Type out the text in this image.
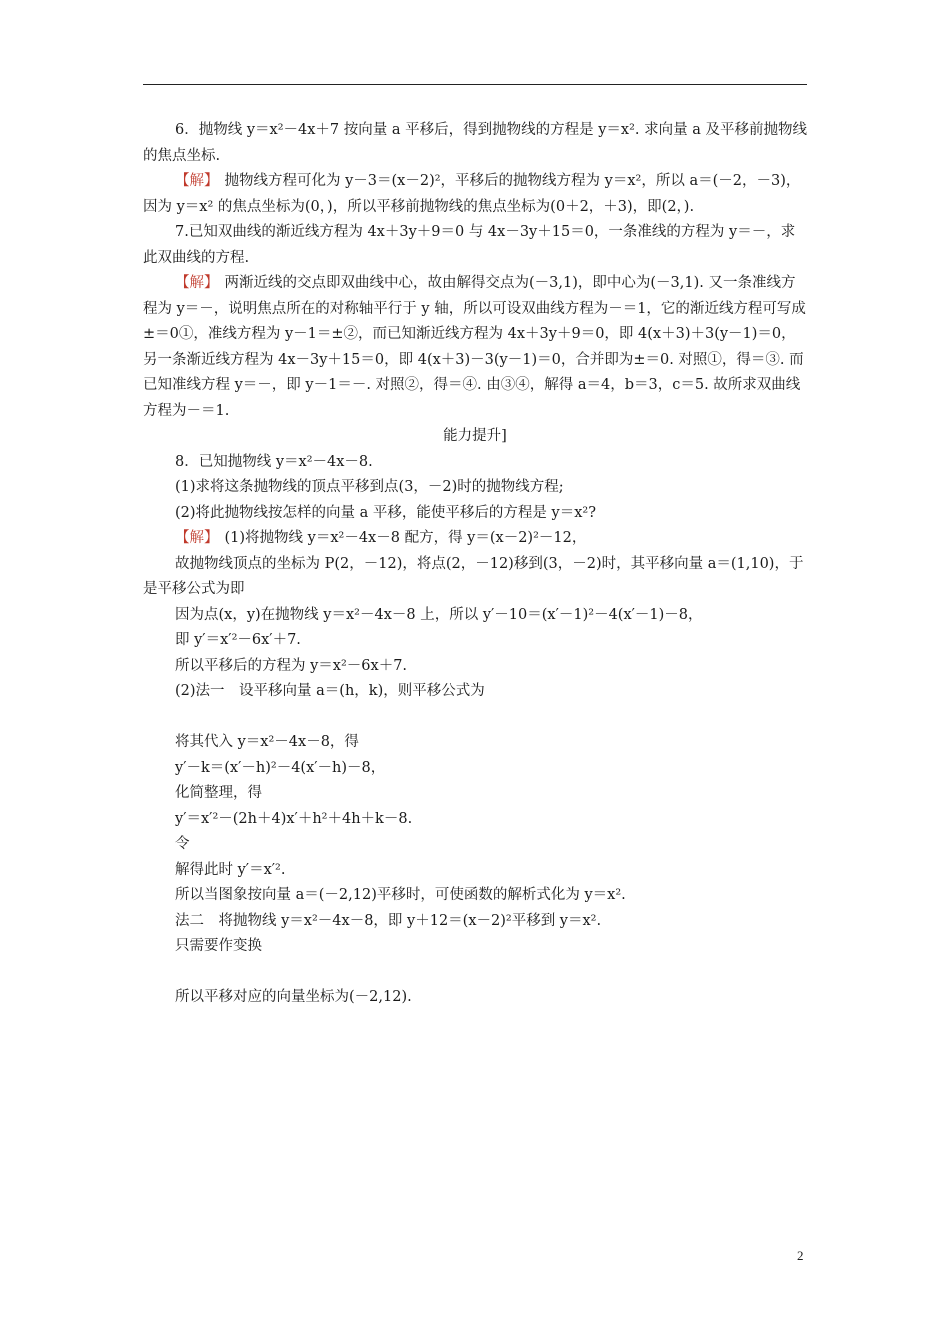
6．抛物线 y＝x²－4x＋7 按向量 a 平移后，得到抛物线的方程是 y＝x². 求向量 a 及平移前抛物线的焦点坐标.

【解】 抛物线方程可化为 y－3＝(x－2)²，平移后的抛物线方程为 y＝x²，所以 a＝(－2，－3)，因为 y＝x² 的焦点坐标为(0，)，所以平移前抛物线的焦点坐标为(0＋2，＋3)，即(2，).

7.已知双曲线的渐近线方程为 4x＋3y＋9＝0 与 4x－3y＋15＝0，一条准线的方程为 y＝－，求此双曲线的方程.

【解】 两渐近线的交点即双曲线中心，故由解得交点为(－3,1)，即中心为(－3,1). 又一条准线方程为 y＝－，说明焦点所在的对称轴平行于 y 轴，所以可设双曲线方程为－＝1，它的渐近线方程可写成±＝0①，准线方程为 y－1＝±②，而已知渐近线方程为 4x＋3y＋9＝0，即 4(x＋3)＋3(y－1)＝0，另一条渐近线方程为 4x－3y＋15＝0，即 4(x＋3)－3(y－1)＝0，合并即为±＝0. 对照①，得＝③. 而已知准线方程 y＝－，即 y－1＝－. 对照②，得＝④. 由③④，解得 a＝4，b＝3，c＝5. 故所求双曲线方程为－＝1.

能力提升]

8．已知抛物线 y＝x²－4x－8.

(1)求将这条抛物线的顶点平移到点(3，－2)时的抛物线方程;

(2)将此抛物线按怎样的向量 a 平移，能使平移后的方程是 y＝x²?

【解】 (1)将抛物线 y＝x²－4x－8 配方，得 y＝(x－2)²－12，

故抛物线顶点的坐标为 P(2，－12)，将点(2，－12)移到(3，－2)时，其平移向量 a＝(1,10)，于是平移公式为即

因为点(x，y)在抛物线 y＝x²－4x－8 上，所以 y′－10＝(x′－1)²－4(x′－1)－8，

即 y′＝x′²－6x′＋7.

所以平移后的方程为 y＝x²－6x＋7.

(2)法一　设平移向量 a＝(h，k)，则平移公式为

将其代入 y＝x²－4x－8，得

y′－k＝(x′－h)²－4(x′－h)－8，

化简整理，得

y′＝x′²－(2h＋4)x′＋h²＋4h＋k－8.

令

解得此时 y′＝x′².

所以当图象按向量 a＝(－2,12)平移时，可使函数的解析式化为 y＝x².

法二　将抛物线 y＝x²－4x－8，即 y＋12＝(x－2)²平移到 y＝x².

只需要作变换

所以平移对应的向量坐标为(－2,12).

2
